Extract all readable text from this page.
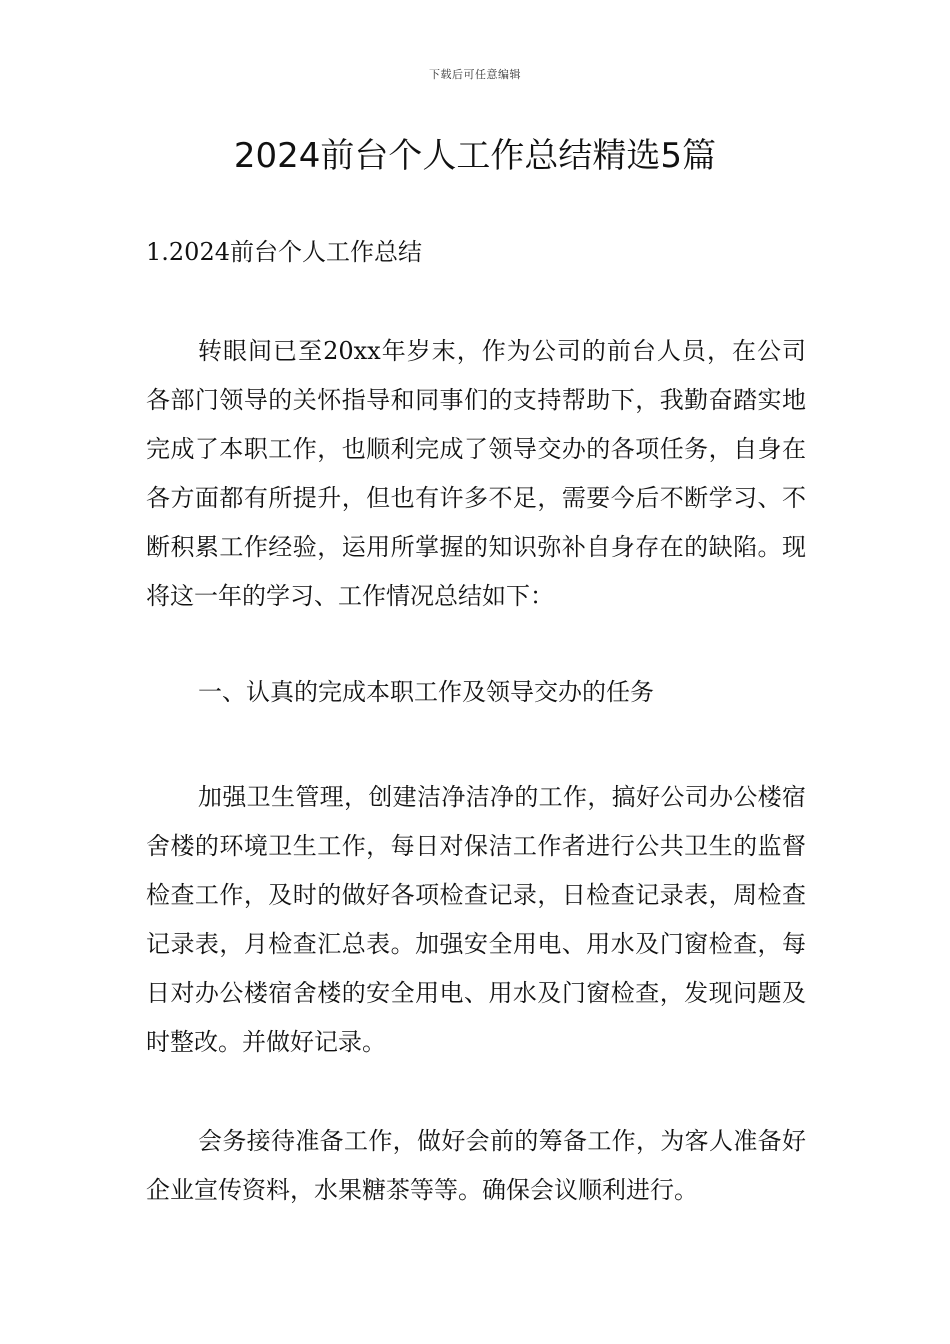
下载后可任意编辑
2024前台个人工作总结精选5篇
1.2024前台个人工作总结

转眼间已至20xx年岁末，作为公司的前台人员，在公司各部门领导的关怀指导和同事们的支持帮助下，我勤奋踏实地完成了本职工作，也顺利完成了领导交办的各项任务，自身在各方面都有所提升，但也有许多不足，需要今后不断学习、不断积累工作经验，运用所掌握的知识弥补自身存在的缺陷。现将这一年的学习、工作情况总结如下：

一、认真的完成本职工作及领导交办的任务

加强卫生管理，创建洁净洁净的工作，搞好公司办公楼宿舍楼的环境卫生工作，每日对保洁工作者进行公共卫生的监督检查工作，及时的做好各项检查记录，日检查记录表，周检查记录表，月检查汇总表。加强安全用电、用水及门窗检查，每日对办公楼宿舍楼的安全用电、用水及门窗检查，发现问题及时整改。并做好记录。

会务接待准备工作，做好会前的筹备工作，为客人准备好企业宣传资料，水果糖茶等等。确保会议顺利进行。
